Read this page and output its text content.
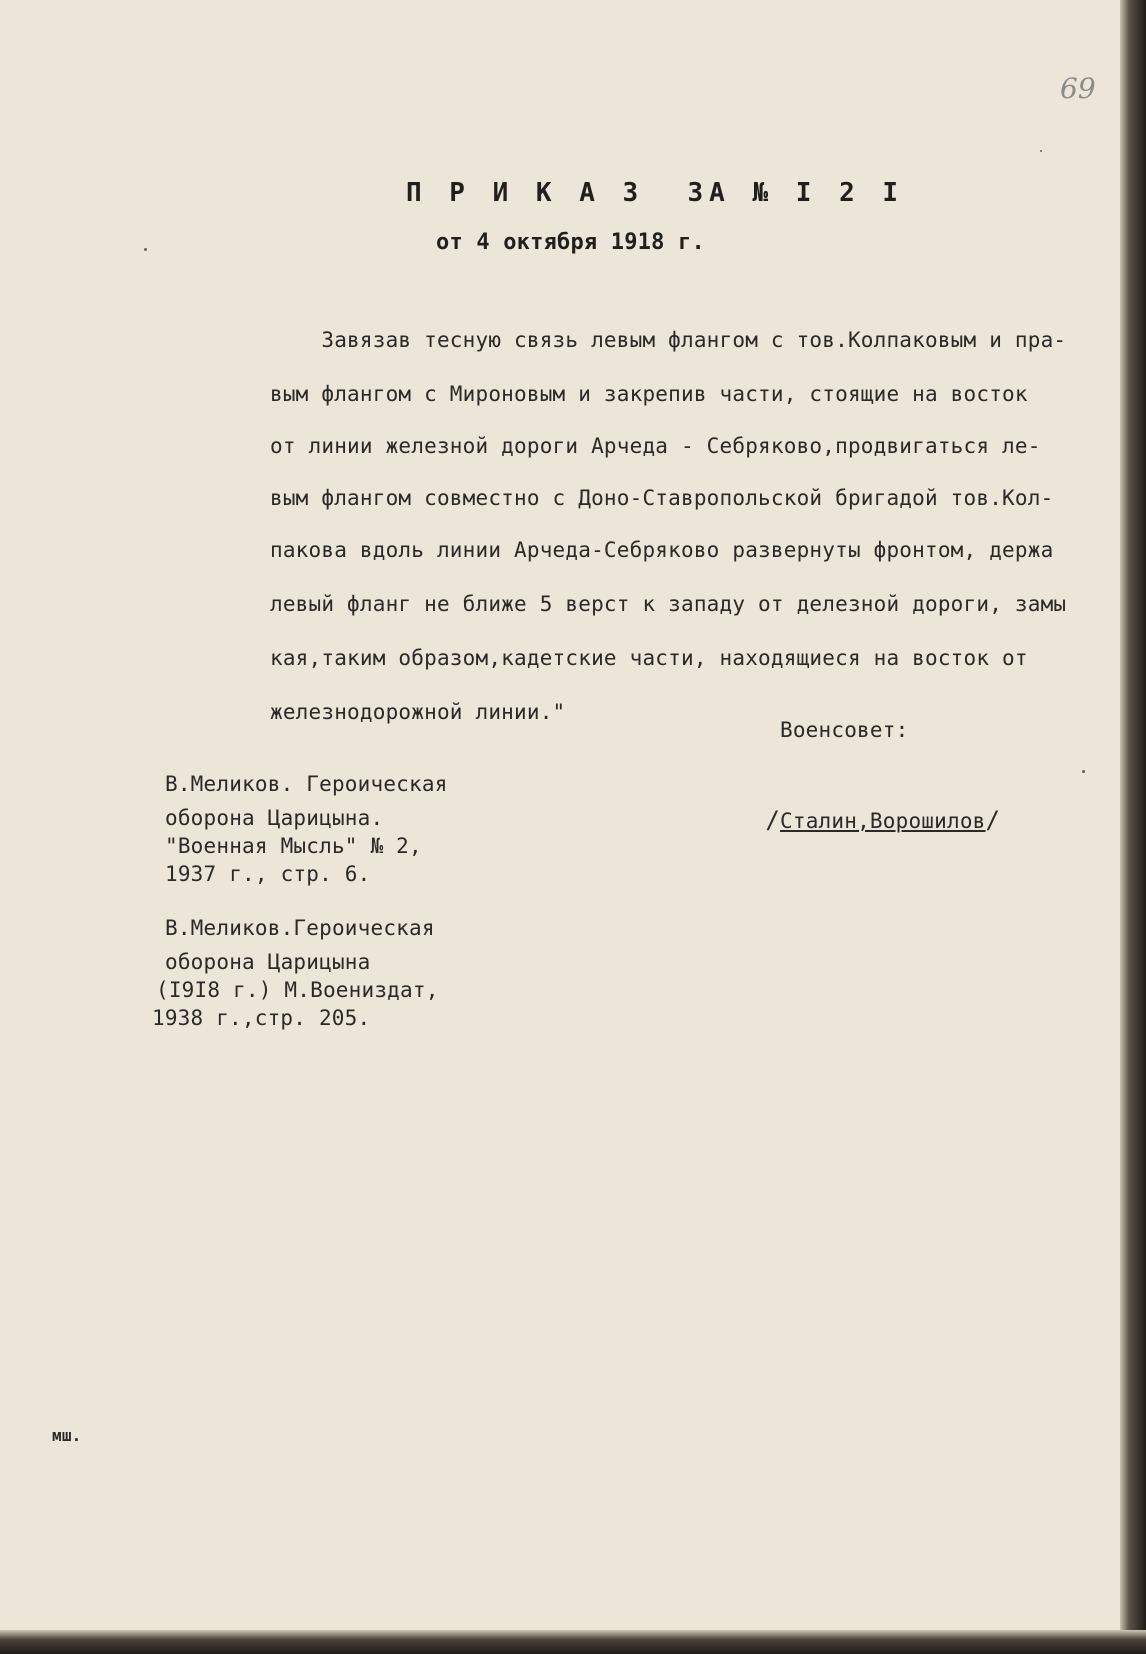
69
П Р И К А З  ЗА № I 2 I
от 4 октября 1918 г.
Завязав тесную связь левым флангом с тов.Колпаковым и пра-
вым флангом с Мироновым и закрепив части, стоящие на восток
от линии железной дороги Арчеда - Себряково,продвигаться ле-
вым флангом совместно с Доно-Ставропольской бригадой тов.Кол-
пакова вдоль линии Арчеда-Себряково развернуты фронтом, держа
левый фланг не ближе 5 верст к западу от делезной дороги, замы
кая,таким образом,кадетские части, находящиеся на восток от
железнодорожной линии."
Военсовет:

/Сталин,Ворошилов/

В.Меликов. Героическая
оборона Царицына.
"Военная Мысль" № 2,
1937 г., стр. 6.
В.Меликов.Героическая
оборона Царицына
(I9I8 г.) М.Воениздат,
1938 г.,стр. 205.
мш.
